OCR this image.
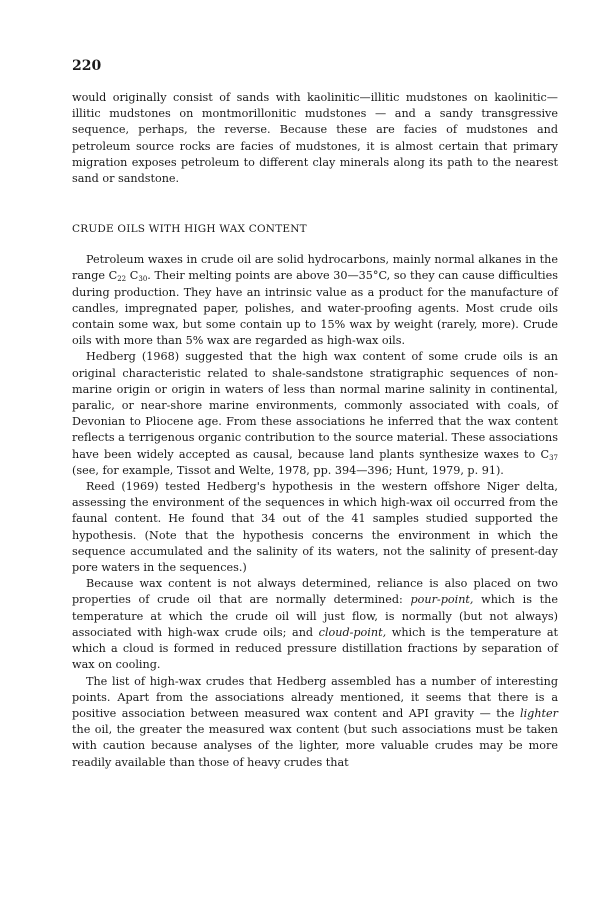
220

would originally consist of sands with kaolinitic—illitic mudstones on kaolinitic—illitic mudstones on montmorillonitic mudstones — and a sandy transgressive sequence, perhaps, the reverse. Because these are facies of mudstones and petroleum source rocks are facies of mudstones, it is almost certain that primary migration exposes petroleum to different clay minerals along its path to the nearest sand or sandstone.

CRUDE OILS WITH HIGH WAX CONTENT

Petroleum waxes in crude oil are solid hydrocarbons, mainly normal alkanes in the range $C_{22}$ $C_{30}$. Their melting points are above 30—35°C, so they can cause difficulties during production. They have an intrinsic value as a product for the manufacture of candles, impregnated paper, polishes, and water-proofing agents. Most crude oils contain some wax, but some contain up to 15% wax by weight (rarely, more). Crude oils with more than 5% wax are regarded as high-wax oils.

Hedberg (1968) suggested that the high wax content of some crude oils is an original characteristic related to shale-sandstone stratigraphic sequences of non-marine origin or origin in waters of less than normal marine salinity in continental, paralic, or near-shore marine environments, commonly associated with coals, of Devonian to Pliocene age. From these associations he inferred that the wax content reflects a terrigenous organic contribution to the source material. These associations have been widely accepted as causal, because land plants synthesize waxes to $C_{37}$ (see, for example, Tissot and Welte, 1978, pp. 394—396; Hunt, 1979, p. 91).

Reed (1969) tested Hedberg's hypothesis in the western offshore Niger delta, assessing the environment of the sequences in which high-wax oil occurred from the faunal content. He found that 34 out of the 41 samples studied supported the hypothesis. (Note that the hypothesis concerns the environment in which the sequence accumulated and the salinity of its waters, not the salinity of present-day pore waters in the sequences.)

Because wax content is not always determined, reliance is also placed on two properties of crude oil that are normally determined: pour-point, which is the temperature at which the crude oil will just flow, is normally (but not always) associated with high-wax crude oils; and cloud-point, which is the temperature at which a cloud is formed in reduced pressure distillation fractions by separation of wax on cooling.

The list of high-wax crudes that Hedberg assembled has a number of interesting points. Apart from the associations already mentioned, it seems that there is a positive association between measured wax content and API gravity — the lighter the oil, the greater the measured wax content (but such associations must be taken with caution because analyses of the lighter, more valuable crudes may be more readily available than those of heavy crudes that
